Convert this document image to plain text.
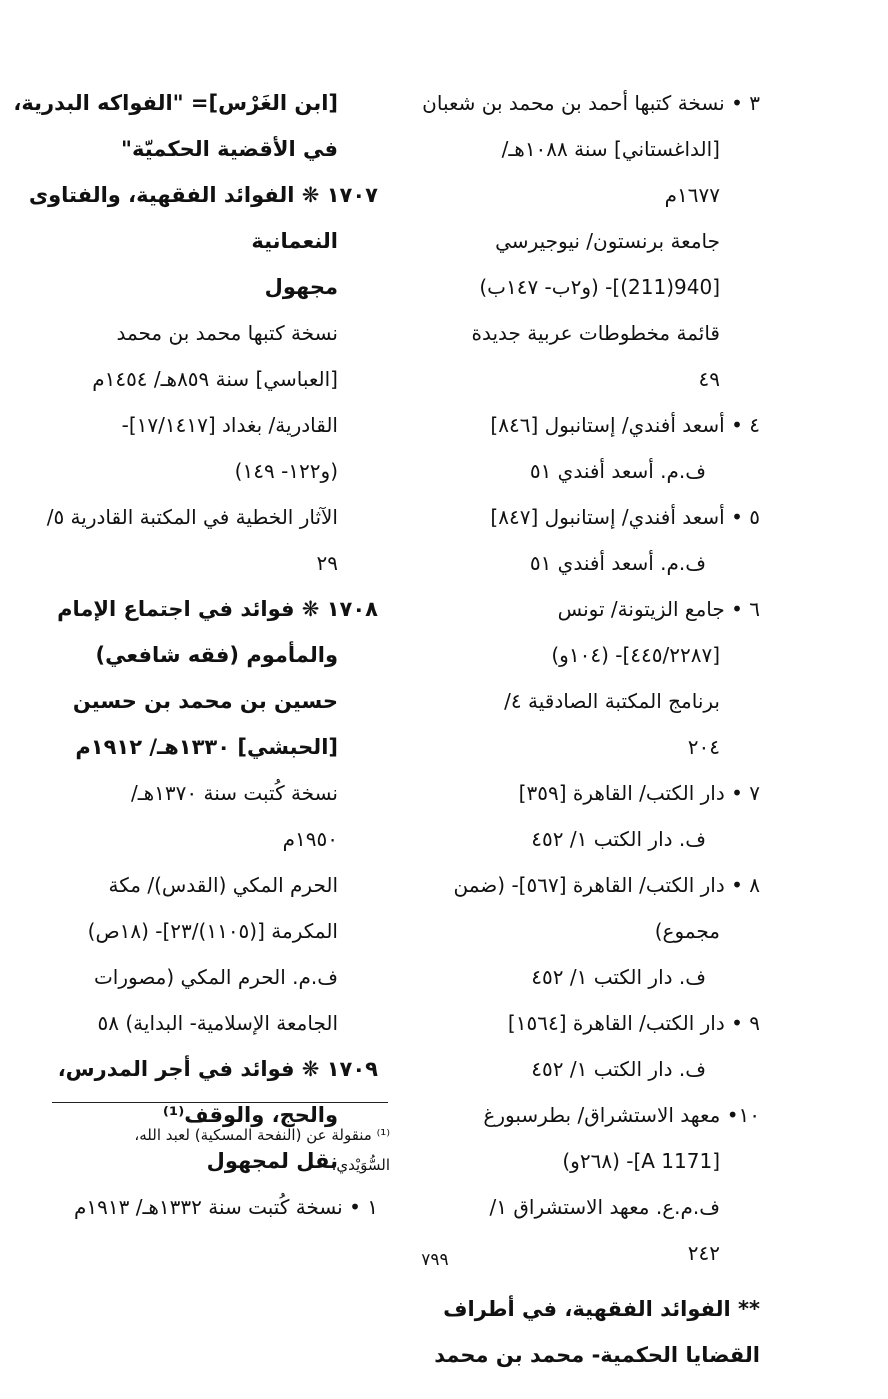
٣ • نسخة كتبها أحمد بن محمد بن شعبان
[الداغستاني] سنة ١٠٨٨هـ/
١٦٧٧م
جامعة برنستون/ نيوجيرسي
[940(211)]- (و٢ب- ١٤٧ب)
قائمة مخطوطات عربية جديدة
٤٩
٤ • أسعد أفندي/ إستانبول [٨٤٦]
ف.م. أسعد أفندي ٥١
٥ • أسعد أفندي/ إستانبول [٨٤٧]
ف.م. أسعد أفندي ٥١
٦ • جامع الزيتونة/ تونس
[٤٤٥/٢٢٨٧]- (١٠٤و)
برنامج المكتبة الصادقية ٤/
٢٠٤
٧ • دار الكتب/ القاهرة [٣٥٩]
ف. دار الكتب ١/ ٤٥٢
٨ • دار الكتب/ القاهرة [٥٦٧]- (ضمن
مجموع)
ف. دار الكتب ١/ ٤٥٢
٩ • دار الكتب/ القاهرة [١٥٦٤]
ف. دار الكتب ١/ ٤٥٢
١٠• معهد الاستشراق/ بطرسبورغ
[A 1171]- (٢٦٨و)
ف.م.ع. معهد الاستشراق ١/
٢٤٢
** الفوائد الفقهية، في أطراف
القضايا الحكمية- محمد بن محمد
[ابن الغَرْس]= "الفواكه البدرية،
في الأقضية الحكميّة"
١٧٠٧ ❋ الفوائد الفقهية، والفتاوى
النعمانية
مجهول
نسخة كتبها محمد بن محمد
[العباسي] سنة ٨٥٩هـ/ ١٤٥٤م
القادرية/ بغداد [١٧/١٤١٧]-
(و١٢٢- ١٤٩)
الآثار الخطية في المكتبة القادرية ٥/
٢٩
١٧٠٨ ❋ فوائد في اجتماع الإمام
والمأموم (فقه شافعي)
حسين بن محمد بن حسين
[الحبشي] ١٣٣٠هـ/ ١٩١٢م
نسخة كُتبت سنة ١٣٧٠هـ/
١٩٥٠م
الحرم المكي (القدس)/ مكة
المكرمة [(١١٠٥)/٢٣]- (١٨ص)
ف.م. الحرم المكي (مصورات
الجامعة الإسلامية- البداية) ٥٨
١٧٠٩ ❋ فوائد في أجر المدرس،
والحج، والوقف⁽¹⁾
نقل لمجهول
١ • نسخة كُتبت سنة ١٣٣٢هـ/ ١٩١٣م
⁽¹⁾ منقولة عن (النفحة المسكية) لعبد الله،
السُّوَيْدي.
٧٩٩
